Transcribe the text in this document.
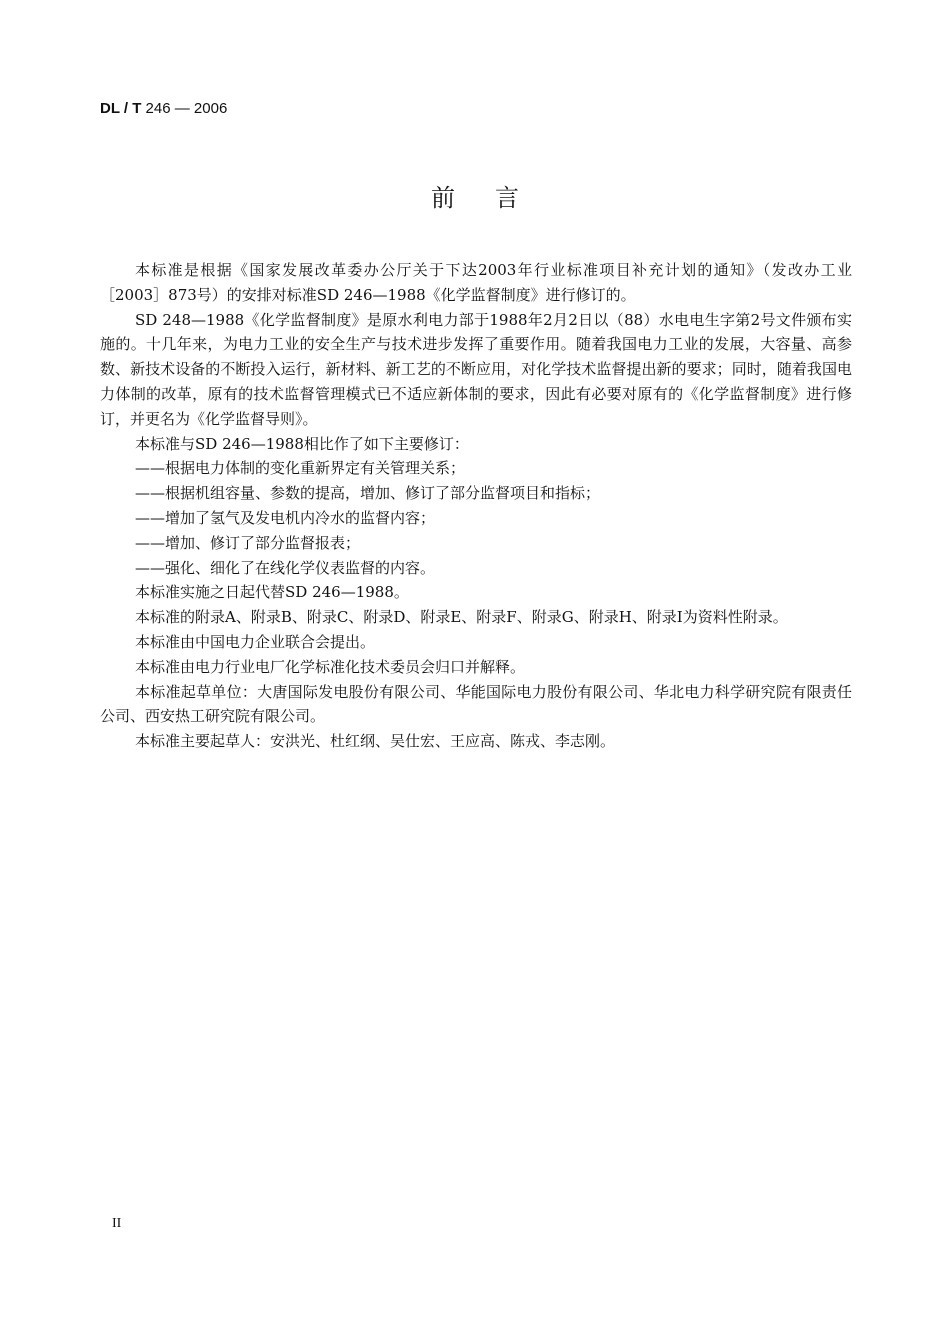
DL / T 246 — 2006
前言

本标准是根据《国家发展改革委办公厅关于下达2003年行业标准项目补充计划的通知》（发改办工业［2003］873号）的安排对标准SD 246—1988《化学监督制度》进行修订的。

SD 248—1988《化学监督制度》是原水利电力部于1988年2月2日以（88）水电电生字第2号文件颁布实施的。十几年来，为电力工业的安全生产与技术进步发挥了重要作用。随着我国电力工业的发展，大容量、高参数、新技术设备的不断投入运行，新材料、新工艺的不断应用，对化学技术监督提出新的要求；同时，随着我国电力体制的改革，原有的技术监督管理模式已不适应新体制的要求，因此有必要对原有的《化学监督制度》进行修订，并更名为《化学监督导则》。

本标准与SD 246—1988相比作了如下主要修订：

——根据电力体制的变化重新界定有关管理关系；

——根据机组容量、参数的提高，增加、修订了部分监督项目和指标；

——增加了氢气及发电机内冷水的监督内容；

——增加、修订了部分监督报表；

——强化、细化了在线化学仪表监督的内容。

本标准实施之日起代替SD 246—1988。

本标准的附录A、附录B、附录C、附录D、附录E、附录F、附录G、附录H、附录I为资料性附录。

本标准由中国电力企业联合会提出。

本标准由电力行业电厂化学标准化技术委员会归口并解释。

本标准起草单位：大唐国际发电股份有限公司、华能国际电力股份有限公司、华北电力科学研究院有限责任公司、西安热工研究院有限公司。

本标准主要起草人：安洪光、杜红纲、吴仕宏、王应高、陈戎、李志刚。

II
